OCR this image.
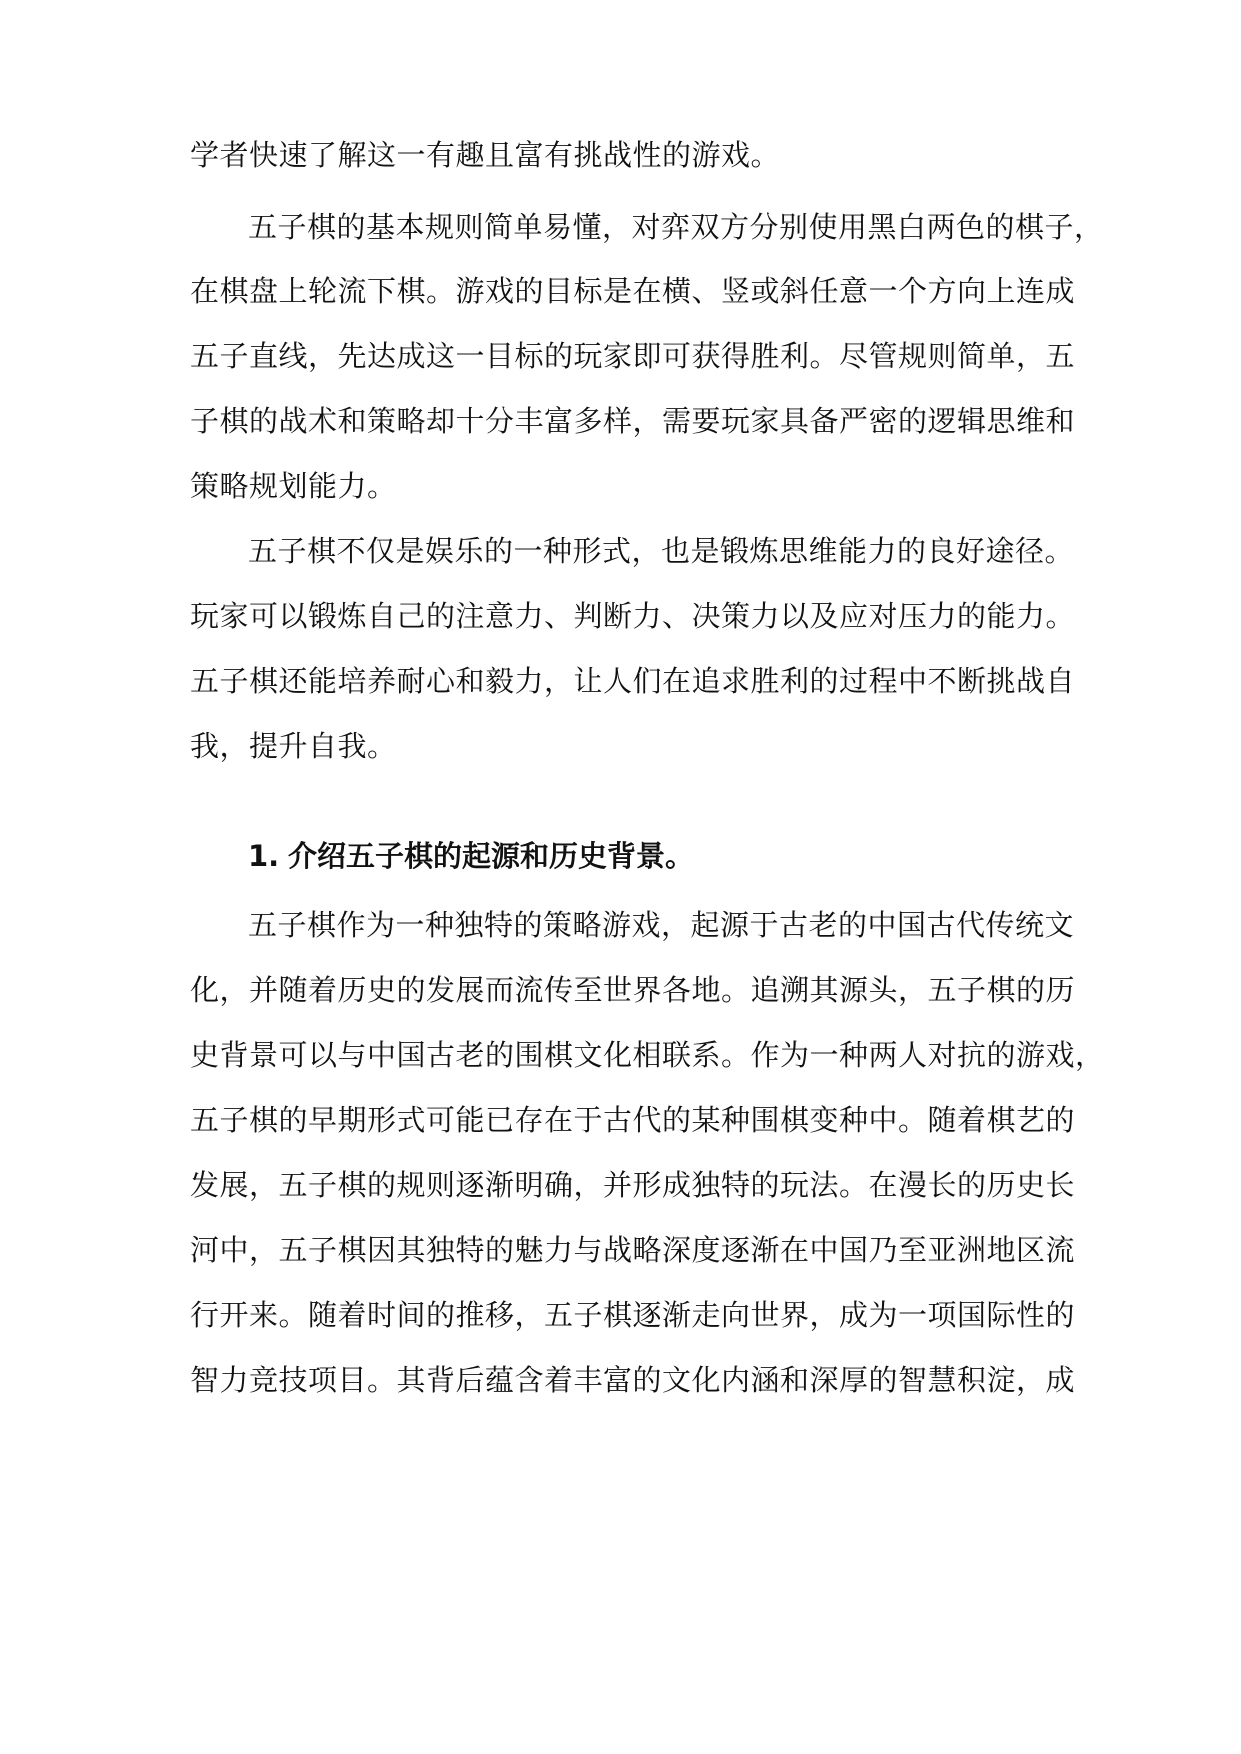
学者快速了解这一有趣且富有挑战性的游戏。
五子棋的基本规则简单易懂，对弈双方分别使用黑白两色的棋子，
在棋盘上轮流下棋。游戏的目标是在横、竖或斜任意一个方向上连成
五子直线，先达成这一目标的玩家即可获得胜利。尽管规则简单，五
子棋的战术和策略却十分丰富多样，需要玩家具备严密的逻辑思维和
策略规划能力。
五子棋不仅是娱乐的一种形式，也是锻炼思维能力的良好途径。
玩家可以锻炼自己的注意力、判断力、决策力以及应对压力的能力。
五子棋还能培养耐心和毅力，让人们在追求胜利的过程中不断挑战自
我，提升自我。
1. 介绍五子棋的起源和历史背景。
五子棋作为一种独特的策略游戏，起源于古老的中国古代传统文
化，并随着历史的发展而流传至世界各地。追溯其源头，五子棋的历
史背景可以与中国古老的围棋文化相联系。作为一种两人对抗的游戏，
五子棋的早期形式可能已存在于古代的某种围棋变种中。随着棋艺的
发展，五子棋的规则逐渐明确，并形成独特的玩法。在漫长的历史长
河中，五子棋因其独特的魅力与战略深度逐渐在中国乃至亚洲地区流
行开来。随着时间的推移，五子棋逐渐走向世界，成为一项国际性的
智力竞技项目。其背后蕴含着丰富的文化内涵和深厚的智慧积淀，成
